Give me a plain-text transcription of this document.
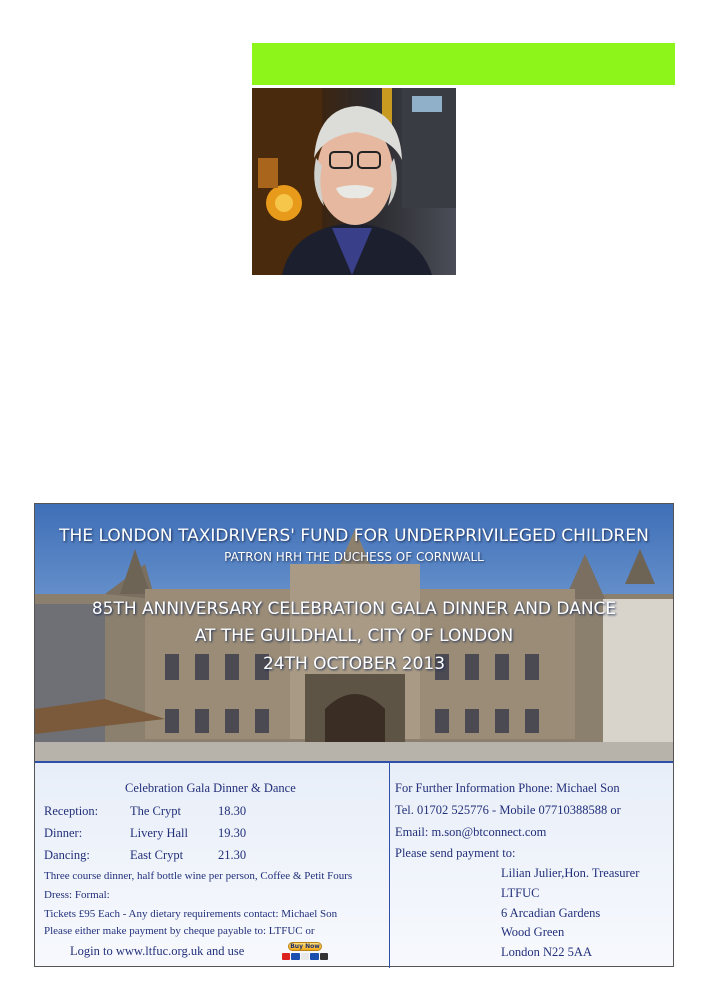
THE LONDON TAXIDRIVERS' FUND FOR UNDERPRIVILEGED CHILDREN
PATRON HRH THE DUCHESS OF CORNWALL
85TH ANNIVERSARY CELEBRATION GALA DINNER AND DANCE
AT THE GUILDHALL, CITY OF LONDON
24TH OCTOBER 2013
Celebration Gala Dinner & Dance
Reception:	The Crypt	18.30
Dinner:	Livery Hall 19.30
Dancing:	East Crypt	21.30
Three course dinner, half bottle wine per person, Coffee & Petit Fours
Dress: Formal:
Tickets £95 Each - Any dietary requirements contact: Michael Son
Please either make payment by cheque payable to: LTFUC or
Login to www.ltfuc.org.uk and use	Buy Now
For Further Information Phone: Michael Son
Tel. 01702 525776 - Mobile 07710388588 or
Email: m.son@btconnect.com
Please send payment to:
Lilian Julier,Hon. Treasurer
LTFUC
6 Arcadian Gardens
Wood Green
London N22 5AA
